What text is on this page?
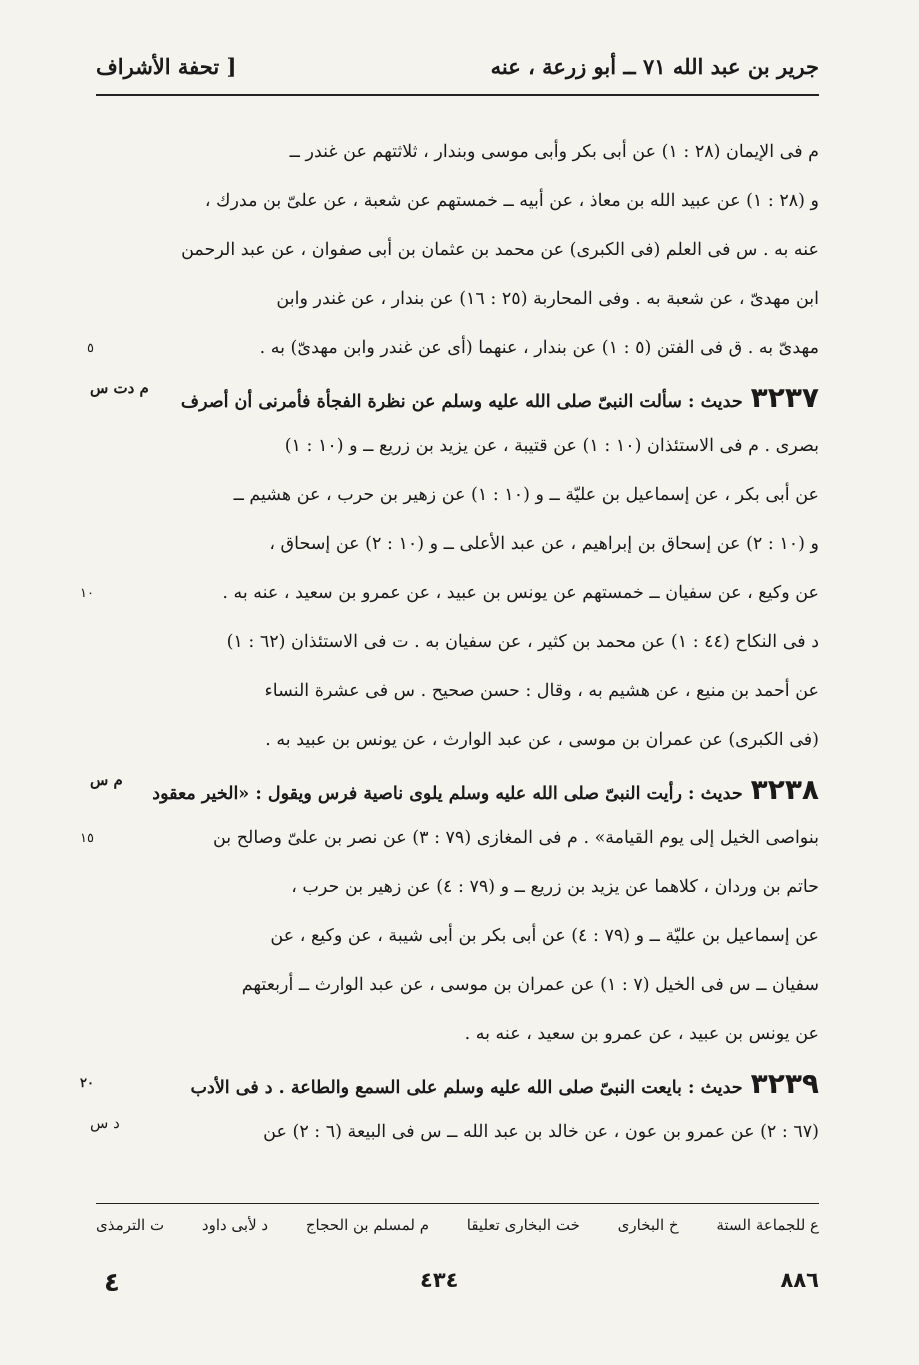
جرير بن عبد الله ٧١ ــ أبو زرعة ، عنه
[ تحفة الأشراف
م فى الإيمان (٢٨ : ١) عن أبى بكر وأبى موسى وبندار ، ثلاثتهم عن غندر ــ
و (٢٨ : ١) عن عبيد الله بن معاذ ، عن أبيه ــ خمستهم عن شعبة ، عن علىّ بن مدرك ،
عنه به . س فى العلم (فى الكبرى) عن محمد بن عثمان بن أبى صفوان ، عن عبد الرحمن
ابن مهدىّ ، عن شعبة به . وفى المحاربة (٢٥ : ١٦) عن بندار ، عن غندر وابن
مهدىّ به . ق فى الفتن (٥ : ١) عن بندار ، عنهما (أى عن غندر وابن مهدىّ) به .
٥
٣٢٣٧حديث : سألت النبىّ صلى الله عليه وسلم عن نظرة الفجأة فأمرنى أن أصرف
م دت س
بصرى . م فى الاستئذان (١٠ : ١) عن قتيبة ، عن يزيد بن زريع ــ و (١٠ : ١)
عن أبى بكر ، عن إسماعيل بن عليّة ــ و (١٠ : ١) عن زهير بن حرب ، عن هشيم ــ
و (١٠ : ٢) عن إسحاق بن إبراهيم ، عن عبد الأعلى ــ و (١٠ : ٢) عن إسحاق ،
عن وكيع ، عن سفيان ــ خمستهم عن يونس بن عبيد ، عن عمرو بن سعيد ، عنه به .
١٠
د فى النكاح (٤٤ : ١) عن محمد بن كثير ، عن سفيان به . ت فى الاستئذان (٦٢ : ١)
عن أحمد بن منيع ، عن هشيم به ، وقال : حسن صحيح . س فى عشرة النساء
(فى الكبرى) عن عمران بن موسى ، عن عبد الوارث ، عن يونس بن عبيد به .
٣٢٣٨حديث : رأيت النبىّ صلى الله عليه وسلم يلوى ناصية فرس ويقول : «الخير معقود
م س
بنواصى الخيل إلى يوم القيامة» . م فى المغازى (٧٩ : ٣) عن نصر بن علىّ وصالح بن
١٥
حاتم بن وردان ، كلاهما عن يزيد بن زريع ــ و (٧٩ : ٤) عن زهير بن حرب ،
عن إسماعيل بن عليّة ــ و (٧٩ : ٤) عن أبى بكر بن أبى شيبة ، عن وكيع ، عن
سفيان ــ س فى الخيل (٧ : ١) عن عمران بن موسى ، عن عبد الوارث ــ أربعتهم
عن يونس بن عبيد ، عن عمرو بن سعيد ، عنه به .
٣٢٣٩حديث : بايعت النبىّ صلى الله عليه وسلم على السمع والطاعة . د فى الأدب
٢٠
(٦٧ : ٢) عن عمرو بن عون ، عن خالد بن عبد الله ــ س فى البيعة (٦ : ٢) عن
د س
ع للجماعة الستة
خ البخارى
خت البخارى تعليقا
م لمسلم بن الحجاج
د لأبى داود
ت الترمذى
٨٨٦
٤٣٤
٤
